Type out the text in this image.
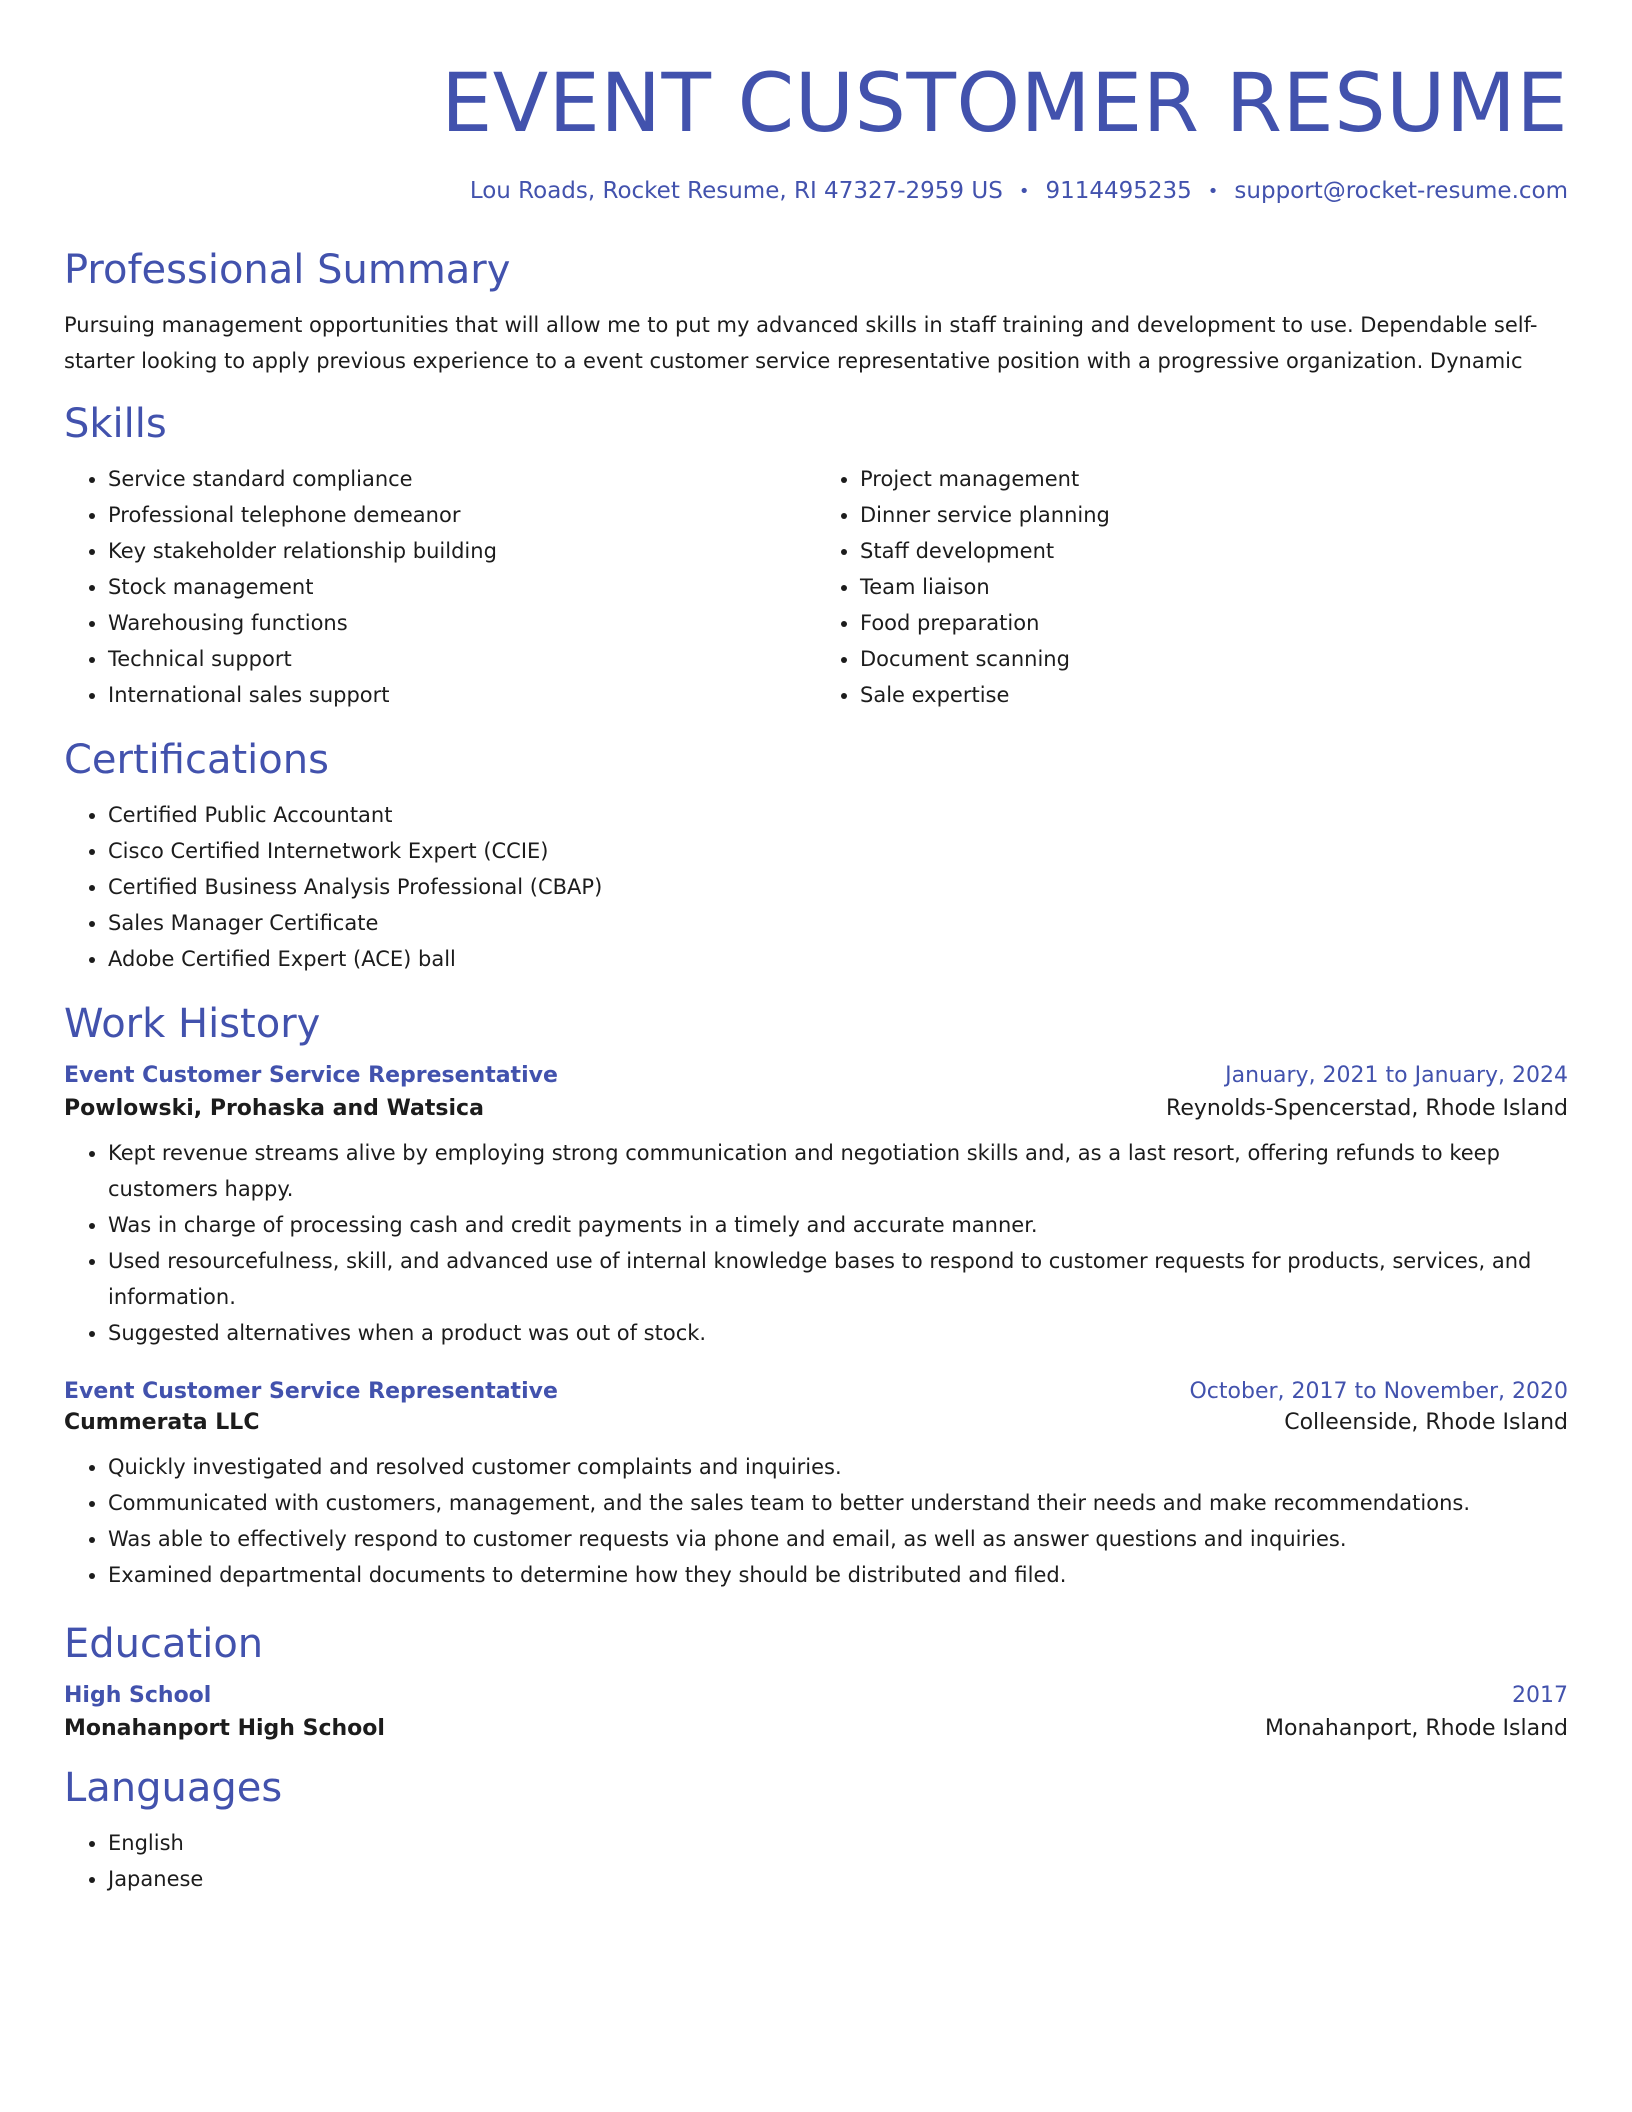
EVENT CUSTOMER RESUME
Lou Roads, Rocket Resume, RI 47327-2959 US • 9114495235 • support@rocket-resume.com
Professional Summary

Pursuing management opportunities that will allow me to put my advanced skills in staff training and development to use. Dependable self-starter looking to apply previous experience to a event customer service representative position with a progressive organization. Dynamic

Skills
• Service standard compliance
• Professional telephone demeanor
• Key stakeholder relationship building
• Stock management
• Warehousing functions
• Technical support
• International sales support
• Project management
• Dinner service planning
• Staff development
• Team liaison
• Food preparation
• Document scanning
• Sale expertise
Certifications
• Certified Public Accountant
• Cisco Certified Internetwork Expert (CCIE)
• Certified Business Analysis Professional (CBAP)
• Sales Manager Certificate
• Adobe Certified Expert (ACE) ball
Work History
Event Customer Service Representative	January, 2021 to January, 2024
Powlowski, Prohaska and Watsica	Reynolds-Spencerstad, Rhode Island
• Kept revenue streams alive by employing strong communication and negotiation skills and, as a last resort, offering refunds to keep customers happy.
• Was in charge of processing cash and credit payments in a timely and accurate manner.
• Used resourcefulness, skill, and advanced use of internal knowledge bases to respond to customer requests for products, services, and information.
• Suggested alternatives when a product was out of stock.
Event Customer Service Representative	October, 2017 to November, 2020
Cummerata LLC	Colleenside, Rhode Island
• Quickly investigated and resolved customer complaints and inquiries.
• Communicated with customers, management, and the sales team to better understand their needs and make recommendations.
• Was able to effectively respond to customer requests via phone and email, as well as answer questions and inquiries.
• Examined departmental documents to determine how they should be distributed and filed.
Education
High School	2017
Monahanport High School	Monahanport, Rhode Island
Languages
• English
• Japanese
